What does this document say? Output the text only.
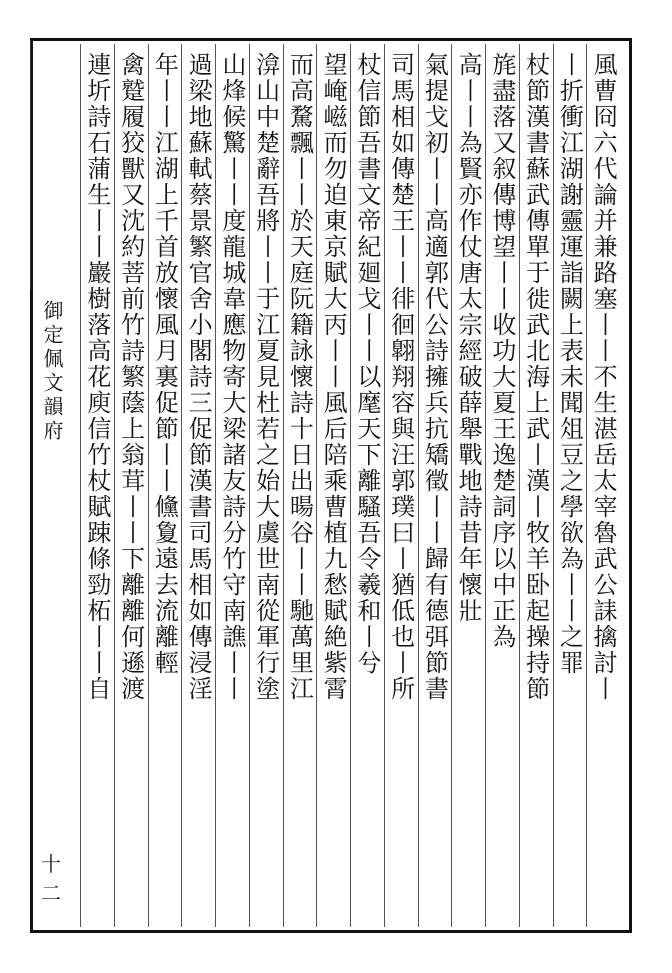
御定佩文韻府
十二
風曹冏六代論并兼路塞丨丨不生湛岳太宰魯武公誄擒討丨
丨折衝江湖謝靈運詣闕上表未聞俎豆之學欲為丨丨之罪
杖節漢書蘇武傳單于徙武北海上武丨漢丨牧羊卧起操持節
旄盡落又叙傳博望丨丨收功大夏王逸楚詞序以中正為
高丨丨為賢亦作仗唐太宗經破薛舉戰地詩昔年懷壯
氣提戈初丨丨高適郭代公詩擁兵抗矯徵丨丨歸有德弭節書
司馬相如傳楚王丨丨徘徊翺翔容與汪郭璞曰丨猶低也丨所
杖信節吾書文帝紀廻戈丨丨以麾天下離騷吾令羲和丨兮
望崦嵫而勿迫東京賦大丙丨丨風后陪乘曹植九愁賦絶紫霄
而高騖飄丨丨於天庭阮籍詠懷詩十日出暘谷丨丨馳萬里江
渰山中楚辭吾將丨丨于江夏見杜若之始大虞世南從軍行塗
山烽候驚丨丨度龍城韋應物寄大梁諸友詩分竹守南譙丨丨
過梁地蘇軾蔡景繁官舍小閣詩三促節漢書司馬相如傳浸淫
年丨丨江湖上千首放懷風月裏促節丨丨儵夐遠去流離輕
禽蹵履狡獸又沈約菩前竹詩繁蔭上翁茸丨丨下離離何遜渡
連圻詩石蒲生丨丨巖樹落高花庾信竹杖賦踈條勁柘丨丨自
